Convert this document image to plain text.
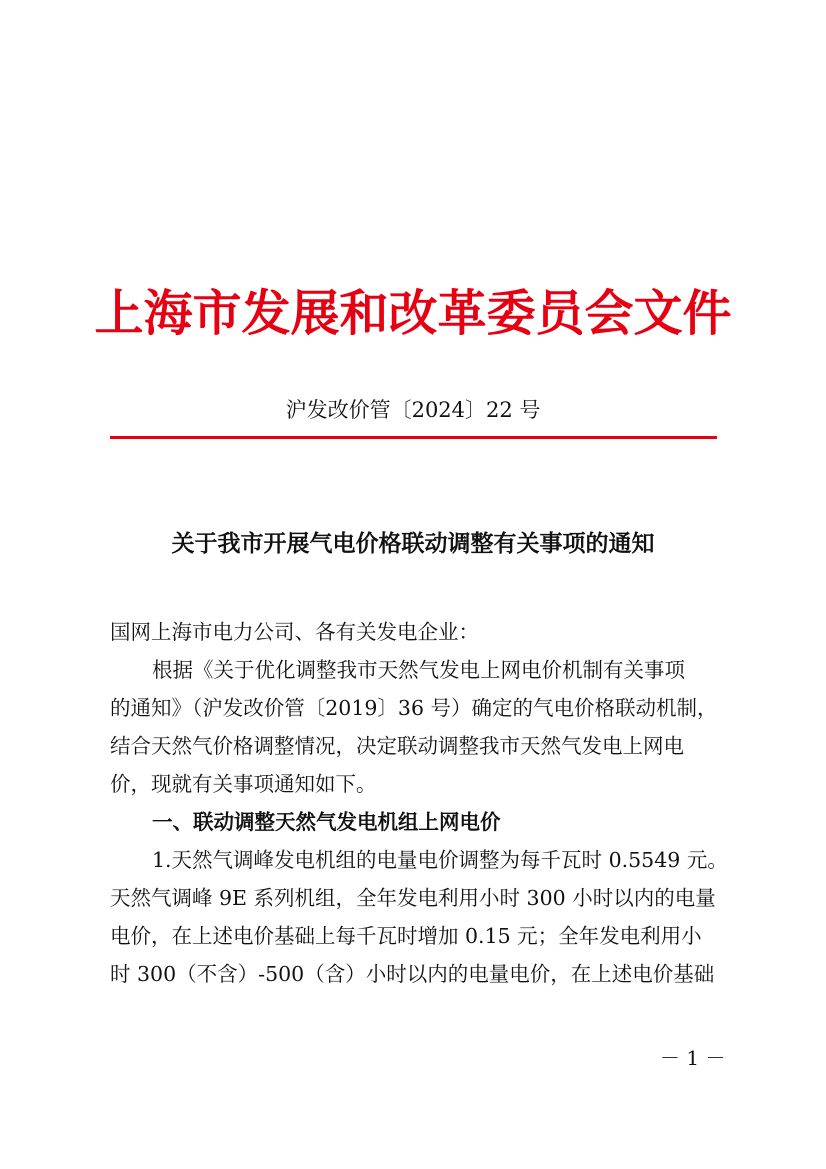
上海市发展和改革委员会文件
沪发改价管〔2024〕22 号
关于我市开展气电价格联动调整有关事项的通知
国网上海市电力公司、各有关发电企业：
根据《关于优化调整我市天然气发电上网电价机制有关事项
的通知》（沪发改价管〔2019〕36 号）确定的气电价格联动机制，
结合天然气价格调整情况，决定联动调整我市天然气发电上网电
价，现就有关事项通知如下。
一、联动调整天然气发电机组上网电价
1.天然气调峰发电机组的电量电价调整为每千瓦时 0.5549 元。
天然气调峰 9E 系列机组，全年发电利用小时 300 小时以内的电量
电价，在上述电价基础上每千瓦时增加 0.15 元；全年发电利用小
时 300（不含）-500（含）小时以内的电量电价，在上述电价基础
－ 1 －
